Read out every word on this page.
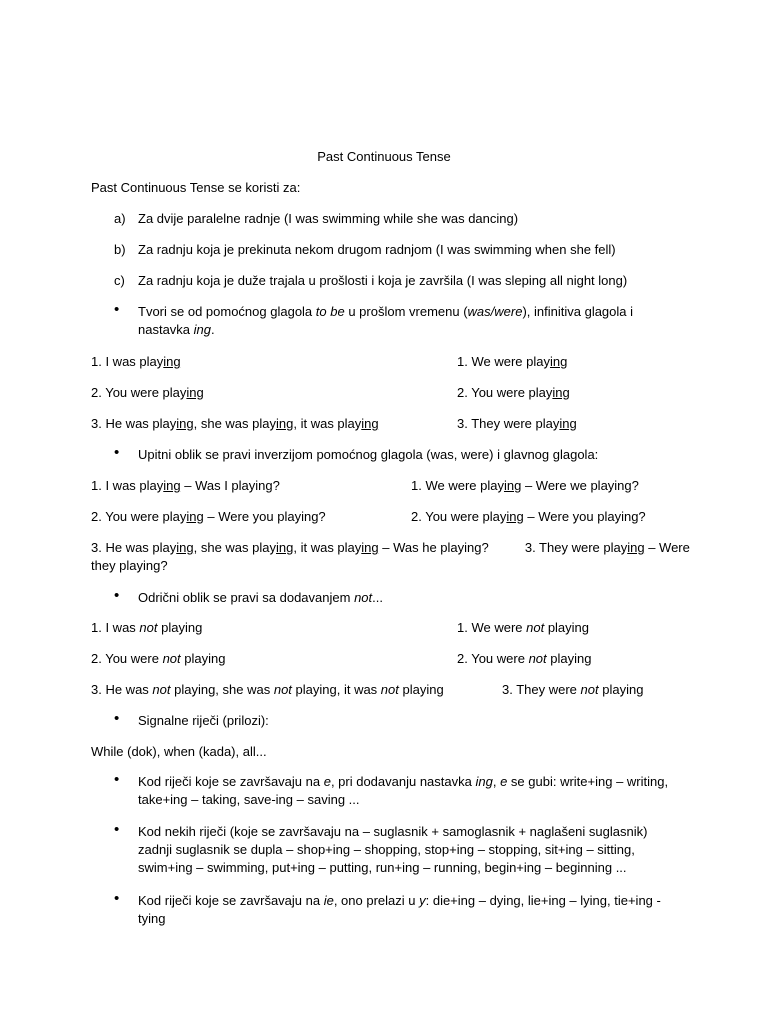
Past Continuous Tense
Past Continuous Tense se koristi za:
a) Za dvije paralelne radnje (I was swimming while she was dancing)
b) Za radnju koja je prekinuta nekom drugom radnjom (I was swimming when she fell)
c) Za radnju koja je duže trajala u prošlosti i koja je završila (I was sleping all night long)
• Tvori se od pomoćnog glagola to be u prošlom vremenu (was/were), infinitiva glagola i nastavka ing.
1. I was playing	1. We were playing
2. You were playing	2. You were playing
3. He was playing, she was playing, it was playing	3. They were playing
• Upitni oblik se pravi inverzijom pomoćnog glagola (was, were) i glavnog glagola:
1. I was playing – Was I playing?	1. We were playing – Were we playing?
2. You were playing – Were you playing?	2. You were playing – Were you playing?
3. He was playing, she was playing, it was playing – Was he playing?          3. They were playing – Were
they playing?
• Odrični oblik se pravi sa dodavanjem not...
1. I was not playing	1. We were not playing
2. You were not playing	2. You were not playing
3. He was not playing, she was not playing, it was not playing	3. They were not playing
• Signalne riječi (prilozi):
While (dok), when (kada), all...
• Kod riječi koje se završavaju na e, pri dodavanju nastavka ing, e se gubi: write+ing – writing, take+ing – taking, save-ing – saving ...
• Kod nekih riječi (koje se završavaju na – suglasnik + samoglasnik + naglašeni suglasnik) zadnji suglasnik se dupla – shop+ing – shopping, stop+ing – stopping, sit+ing – sitting, swim+ing – swimming, put+ing – putting, run+ing – running, begin+ing – beginning ...
• Kod riječi koje se završavaju na ie, ono prelazi u y: die+ing – dying, lie+ing – lying, tie+ing - tying
